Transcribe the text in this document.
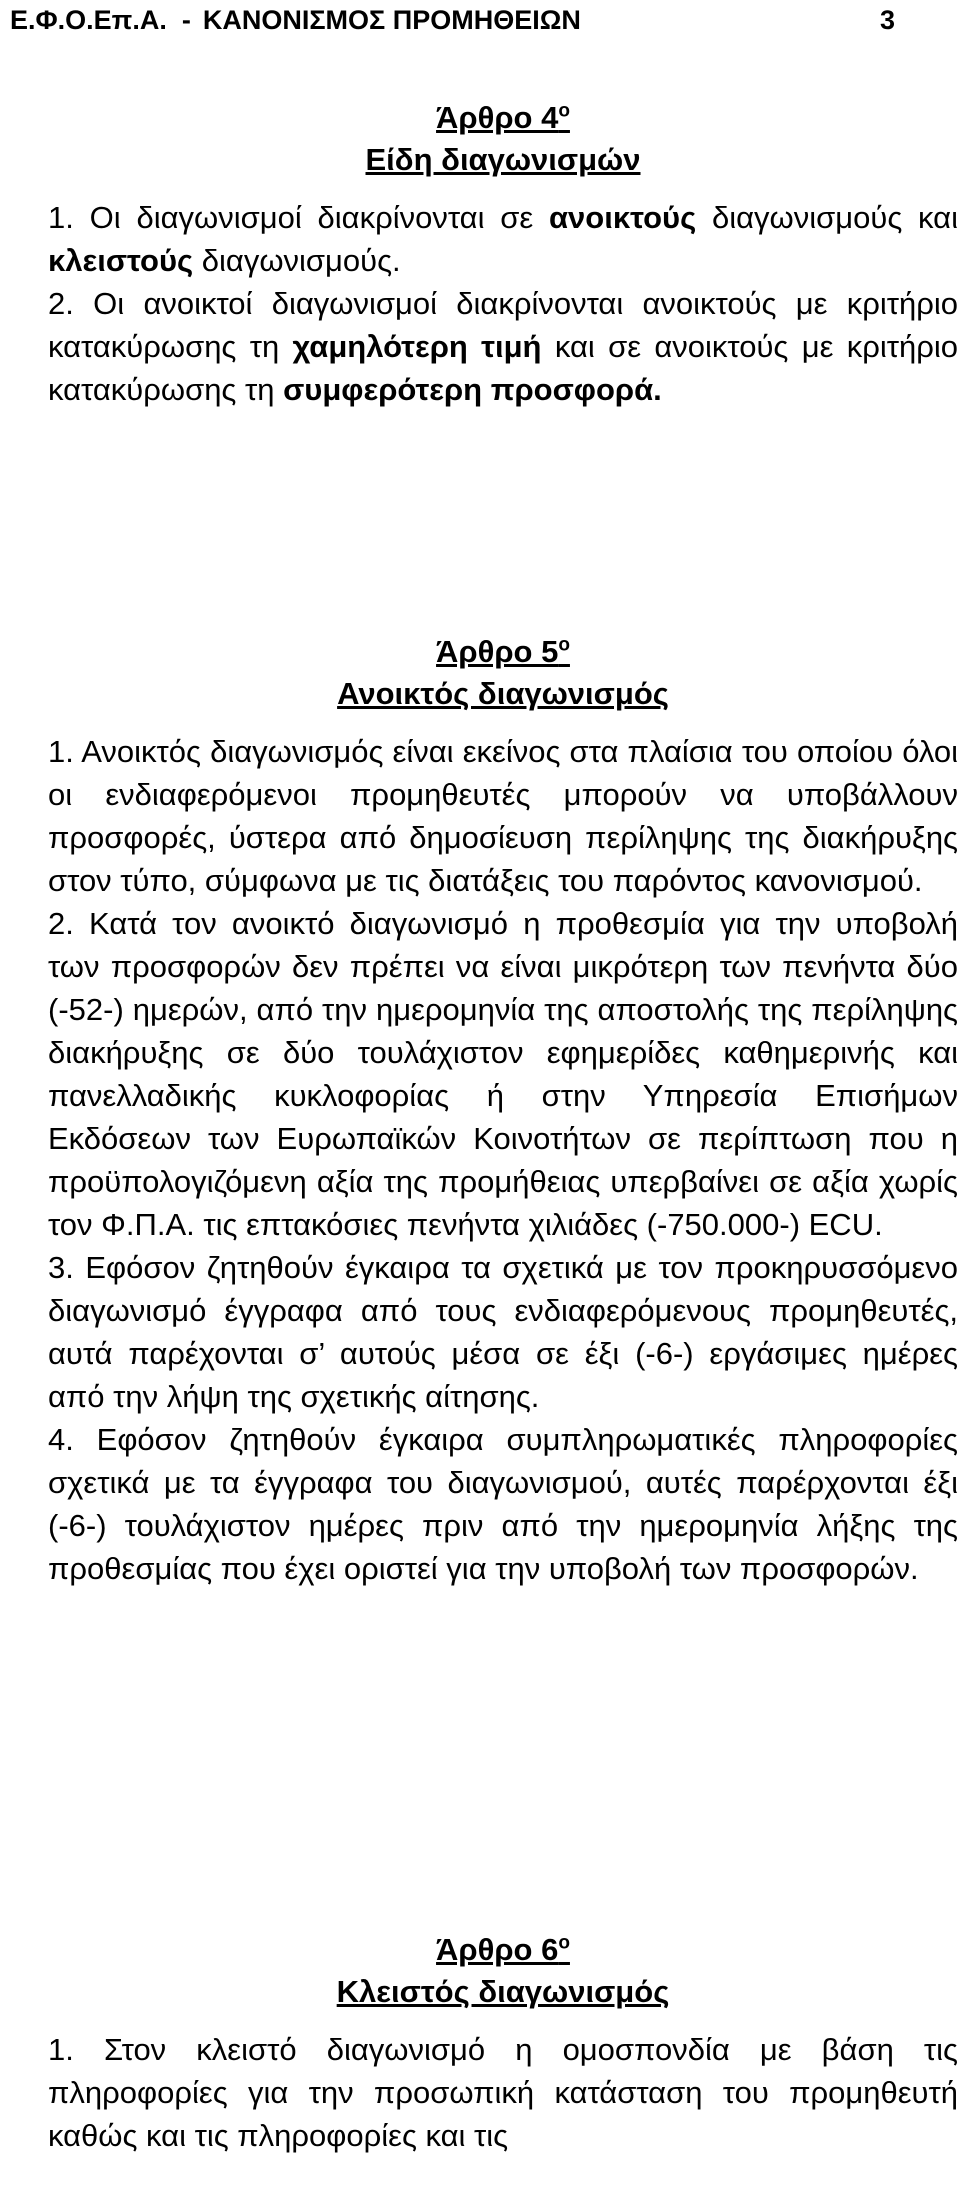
Ε.Φ.Ο.Επ.Α.  - ΚΑΝΟΝΙΣΜΟΣ ΠΡΟΜΗΘΕΙΩΝ	3
Άρθρο $4^o$
Είδη διαγωνισμών

1. Οι διαγωνισμοί διακρίνονται σε ανοικτούς διαγωνισμούς και κλειστούς διαγωνισμούς.

2. Οι ανοικτοί διαγωνισμοί διακρίνονται ανοικτούς με κριτήριο κατακύρωσης τη χαμηλότερη τιμή και σε ανοικτούς με κριτήριο κατακύρωσης τη συμφερότερη προσφορά.

Άρθρο $5^o$
Ανοικτός διαγωνισμός

1. Ανοικτός διαγωνισμός είναι εκείνος στα πλαίσια του οποίου όλοι οι ενδιαφερόμενοι προμηθευτές μπορούν να υποβάλλουν προσφορές, ύστερα από δημοσίευση περίληψης της διακήρυξης στον τύπο, σύμφωνα με τις διατάξεις του παρόντος κανονισμού.

2. Κατά τον ανοικτό διαγωνισμό η προθεσμία για την υποβολή των προσφορών δεν πρέπει να είναι μικρότερη των πενήντα δύο (-52-) ημερών, από την ημερομηνία της αποστολής της περίληψης διακήρυξης σε δύο τουλάχιστον εφημερίδες καθημερινής και πανελλαδικής κυκλοφορίας ή στην Υπηρεσία Επισήμων Εκδόσεων των Ευρωπαϊκών Κοινοτήτων σε περίπτωση που η προϋπολογιζόμενη αξία της προμήθειας υπερβαίνει σε αξία χωρίς τον Φ.Π.Α. τις επτακόσιες πενήντα χιλιάδες (-750.000-) ECU.

3. Εφόσον ζητηθούν έγκαιρα τα σχετικά με τον προκηρυσσόμενο διαγωνισμό έγγραφα από τους ενδιαφερόμενους προμηθευτές, αυτά παρέχονται σ’ αυτούς μέσα σε έξι (-6-) εργάσιμες ημέρες από την λήψη της σχετικής αίτησης.

4. Εφόσον ζητηθούν έγκαιρα συμπληρωματικές πληροφορίες σχετικά με τα έγγραφα του διαγωνισμού, αυτές παρέρχονται έξι (-6-) τουλάχιστον ημέρες πριν από την ημερομηνία λήξης της προθεσμίας που έχει οριστεί για την υποβολή των προσφορών.

Άρθρο $6^o$
Κλειστός διαγωνισμός

1. Στον κλειστό διαγωνισμό η ομοσπονδία με βάση τις πληροφορίες για την προσωπική κατάσταση του προμηθευτή καθώς και τις πληροφορίες και τις
